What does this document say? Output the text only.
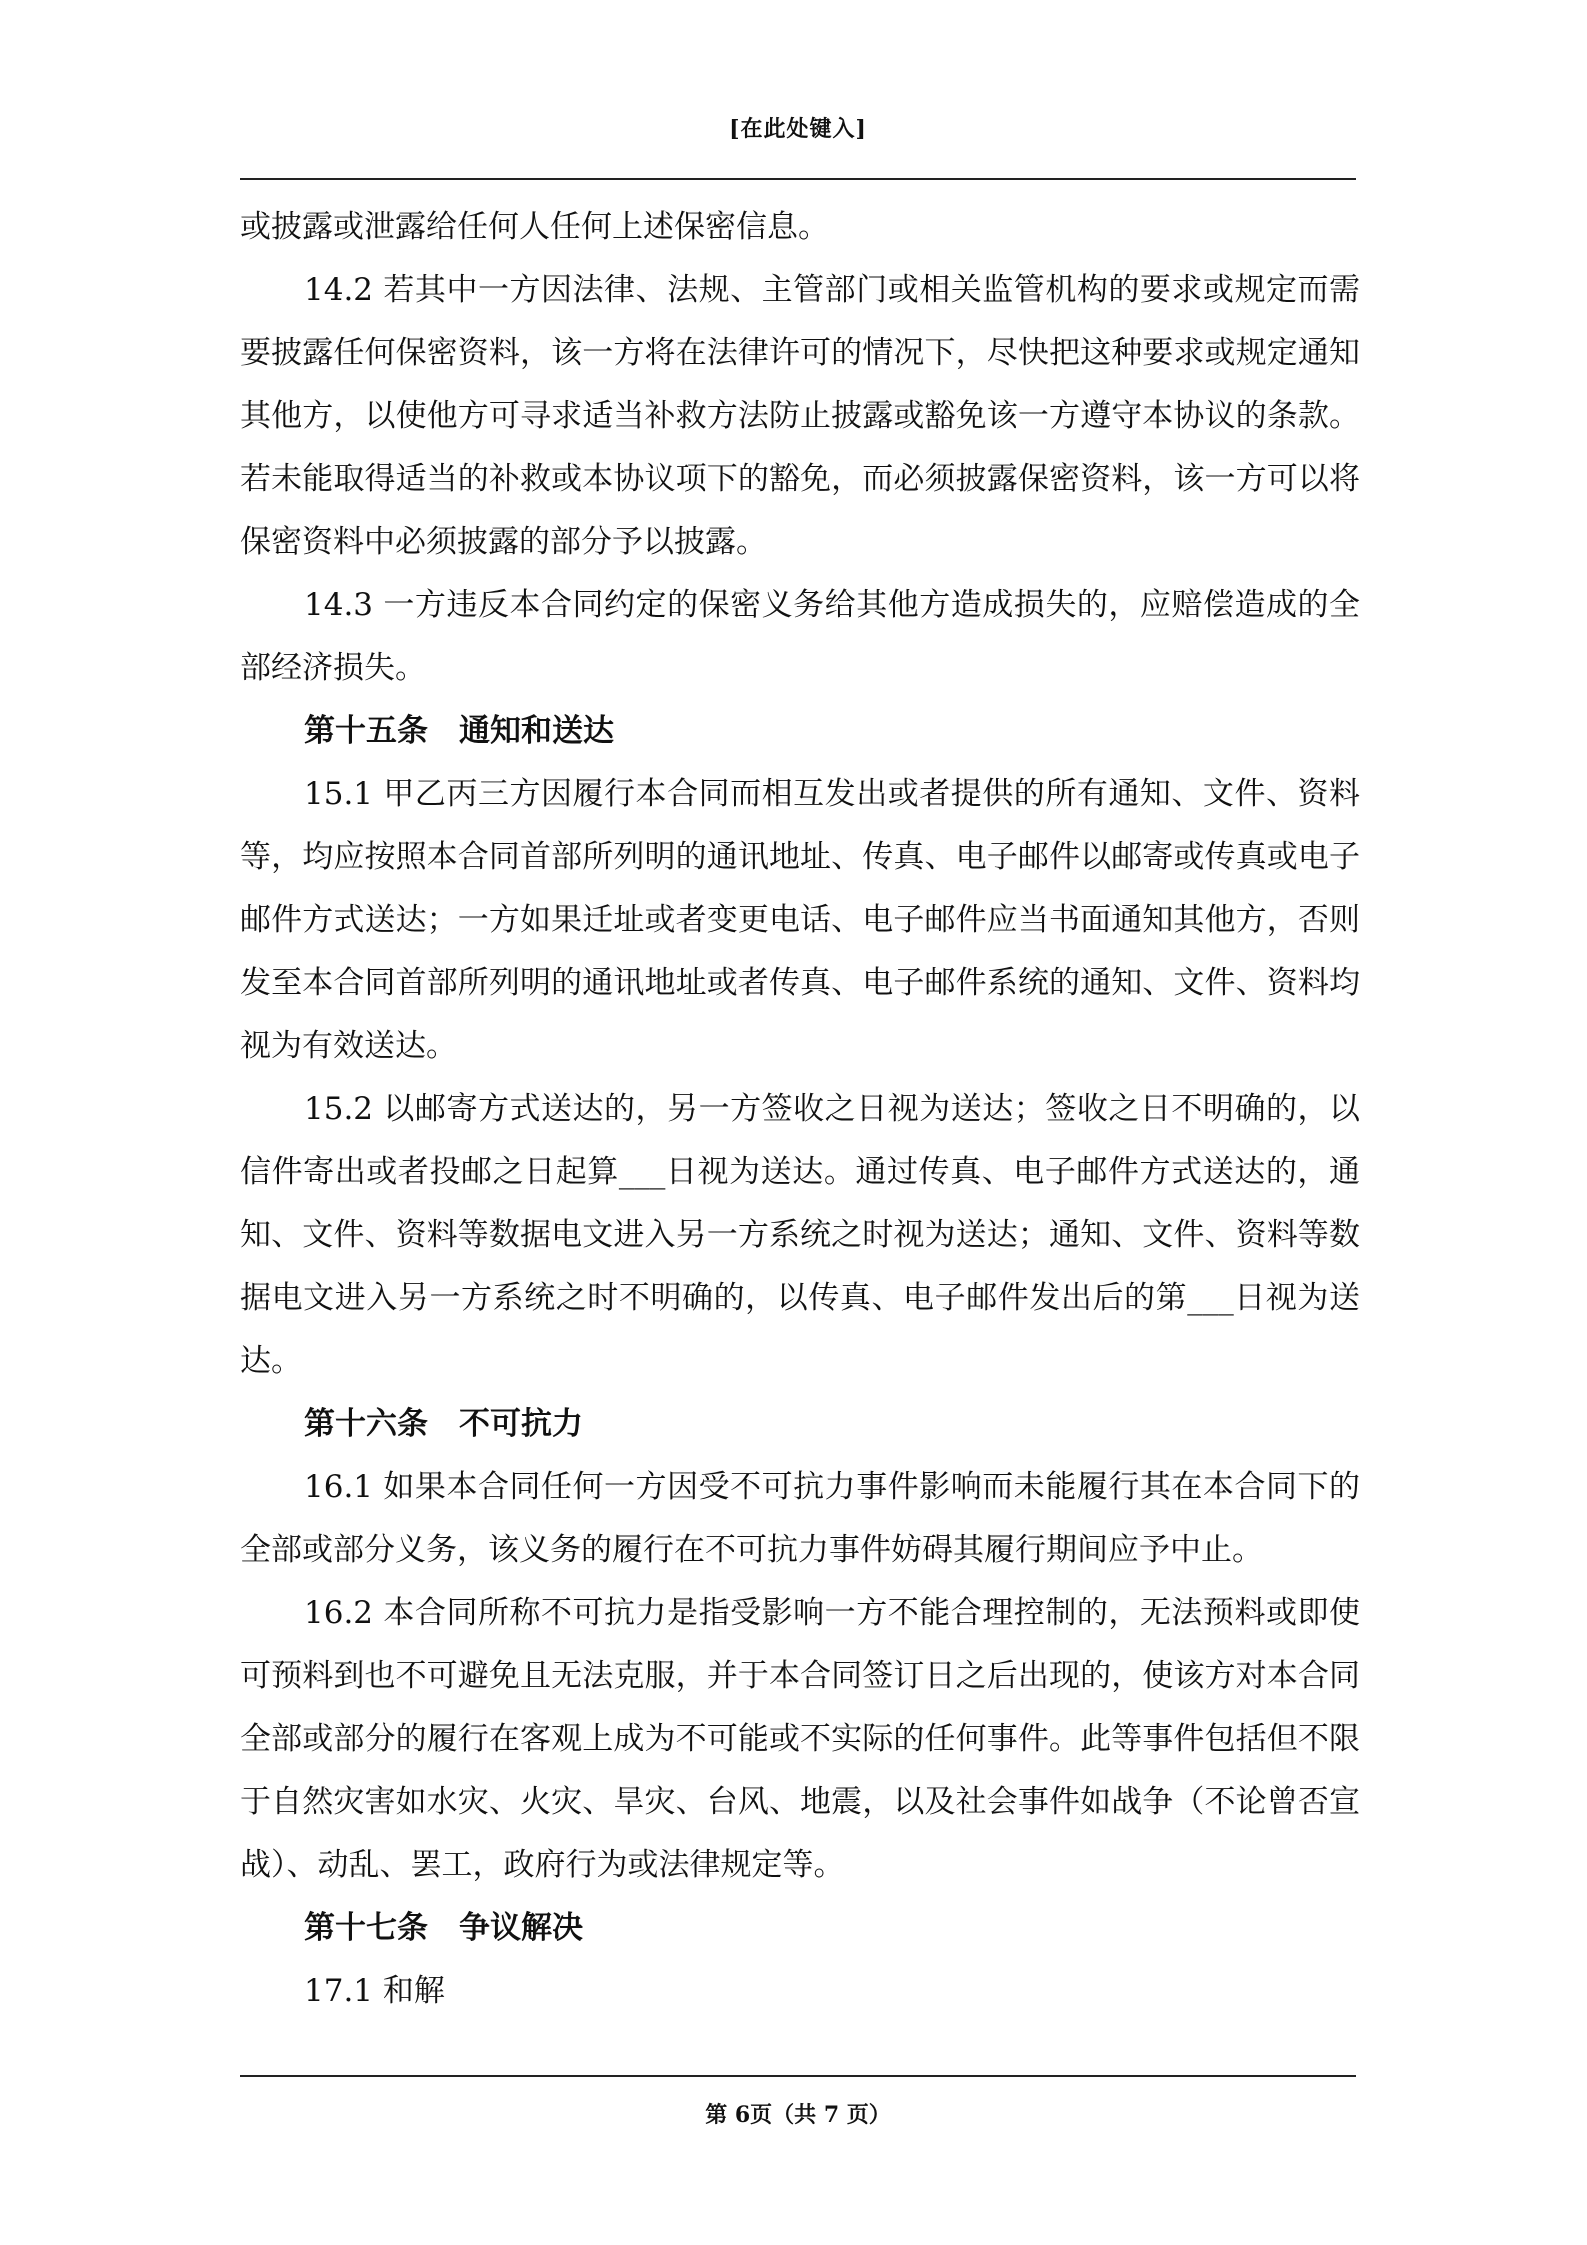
[在此处键入]

或披露或泄露给任何人任何上述保密信息。

14.2 若其中一方因法律、法规、主管部门或相关监管机构的要求或规定而需要披露任何保密资料，该一方将在法律许可的情况下，尽快把这种要求或规定通知其他方，以使他方可寻求适当补救方法防止披露或豁免该一方遵守本协议的条款。若未能取得适当的补救或本协议项下的豁免，而必须披露保密资料，该一方可以将保密资料中必须披露的部分予以披露。

14.3 一方违反本合同约定的保密义务给其他方造成损失的，应赔偿造成的全部经济损失。

第十五条　通知和送达

15.1 甲乙丙三方因履行本合同而相互发出或者提供的所有通知、文件、资料等，均应按照本合同首部所列明的通讯地址、传真、电子邮件以邮寄或传真或电子邮件方式送达；一方如果迁址或者变更电话、电子邮件应当书面通知其他方，否则发至本合同首部所列明的通讯地址或者传真、电子邮件系统的通知、文件、资料均视为有效送达。

15.2 以邮寄方式送达的，另一方签收之日视为送达；签收之日不明确的，以信件寄出或者投邮之日起算___日视为送达。通过传真、电子邮件方式送达的，通知、文件、资料等数据电文进入另一方系统之时视为送达；通知、文件、资料等数据电文进入另一方系统之时不明确的，以传真、电子邮件发出后的第___日视为送达。

第十六条　不可抗力

16.1 如果本合同任何一方因受不可抗力事件影响而未能履行其在本合同下的全部或部分义务，该义务的履行在不可抗力事件妨碍其履行期间应予中止。

16.2 本合同所称不可抗力是指受影响一方不能合理控制的，无法预料或即使可预料到也不可避免且无法克服，并于本合同签订日之后出现的，使该方对本合同全部或部分的履行在客观上成为不可能或不实际的任何事件。此等事件包括但不限于自然灾害如水灾、火灾、旱灾、台风、地震，以及社会事件如战争（不论曾否宣战）、动乱、罢工，政府行为或法律规定等。

第十七条　争议解决

17.1 和解

第 6页（共 7 页）
